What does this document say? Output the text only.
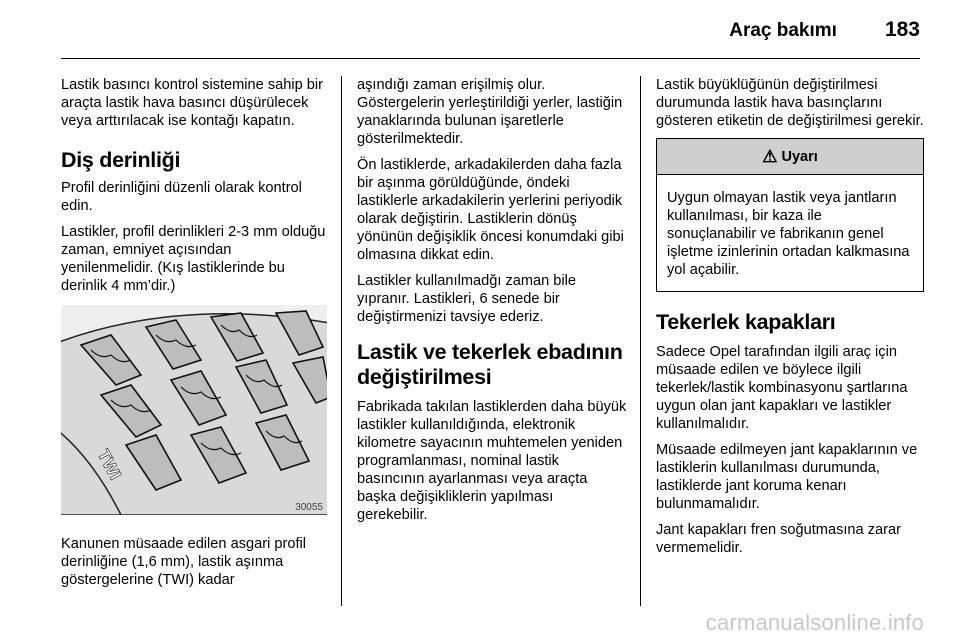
Araç bakımı 183

Lastik basıncı kontrol sistemine sahip bir araçta lastik hava basıncı düşürülecek veya arttırılacak ise kontağı kapatın.

Diş derinliği

Profil derinliğini düzenli olarak kontrol edin.

Lastikler, profil derinlikleri 2-3 mm olduğu zaman, emniyet açısından yenilenmelidir. (Kış lastiklerinde bu derinlik 4 mm’dir.)

TWI
30055

Kanunen müsaade edilen asgari profil derinliğine (1,6 mm), lastik aşınma göstergelerine (TWI) kadar

aşındığı zaman erişilmiş olur. Göstergelerin yerleştirildiği yerler, lastiğin yanaklarında bulunan işaretlerle gösterilmektedir.

Ön lastiklerde, arkadakilerden daha fazla bir aşınma görüldüğünde, öndeki lastiklerle arkadakilerin yerlerini periyodik olarak değiştirin. Lastiklerin dönüş yönünün değişiklik öncesi konumdaki gibi olmasına dikkat edin.

Lastikler kullanılmadğı zaman bile yıpranır. Lastikleri, 6 senede bir değiştirmenizi tavsiye ederiz.

Lastik ve tekerlek ebadının değiştirilmesi

Fabrikada takılan lastiklerden daha büyük lastikler kullanıldığında, elektronik kilometre sayacının muhtemelen yeniden programlanması, nominal lastik basıncının ayarlanması veya araçta başka değişikliklerin yapılması gerekebilir.

Lastik büyüklüğünün değiştirilmesi durumunda lastik hava basınçlarını gösteren etiketin de değiştirilmesi gerekir.

⚠ Uyarı

Uygun olmayan lastik veya jantların kullanılması, bir kaza ile sonuçlanabilir ve fabrikanın genel işletme izinlerinin ortadan kalkmasına yol açabilir.

Tekerlek kapakları

Sadece Opel tarafından ilgili araç için müsaade edilen ve böylece ilgili tekerlek/lastik kombinasyonu şartlarına uygun olan jant kapakları ve lastikler kullanılmalıdır.

Müsaade edilmeyen jant kapaklarının ve lastiklerin kullanılması durumunda, lastiklerde jant koruma kenarı bulunmamalıdır.

Jant kapakları fren soğutmasına zarar vermemelidir.

carmanualsonline.info
